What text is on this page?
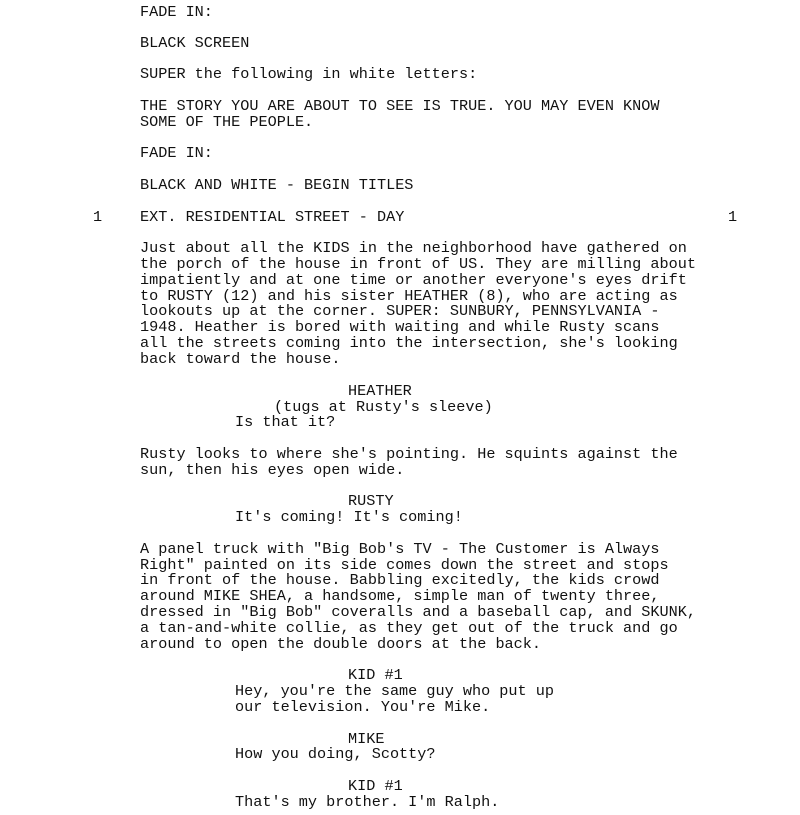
FADE IN:
BLACK SCREEN
SUPER the following in white letters:
THE STORY YOU ARE ABOUT TO SEE IS TRUE. YOU MAY EVEN KNOW
SOME OF THE PEOPLE.
FADE IN:
BLACK AND WHITE - BEGIN TITLES
1 EXT. RESIDENTIAL STREET - DAY	1
Just about all the KIDS in the neighborhood have gathered on
the porch of the house in front of US. They are milling about
impatiently and at one time or another everyone's eyes drift
to RUSTY (12) and his sister HEATHER (8), who are acting as
lookouts up at the corner. SUPER: SUNBURY, PENNSYLVANIA -
1948. Heather is bored with waiting and while Rusty scans
all the streets coming into the intersection, she's looking
back toward the house.
HEATHER
(tugs at Rusty's sleeve)
Is that it?
Rusty looks to where she's pointing. He squints against the
sun, then his eyes open wide.
RUSTY
It's coming! It's coming!
A panel truck with "Big Bob's TV - The Customer is Always
Right" painted on its side comes down the street and stops
in front of the house. Babbling excitedly, the kids crowd
around MIKE SHEA, a handsome, simple man of twenty three,
dressed in "Big Bob" coveralls and a baseball cap, and SKUNK,
a tan-and-white collie, as they get out of the truck and go
around to open the double doors at the back.
KID #1
Hey, you're the same guy who put up
our television. You're Mike.
MIKE
How you doing, Scotty?
KID #1
That's my brother. I'm Ralph.
